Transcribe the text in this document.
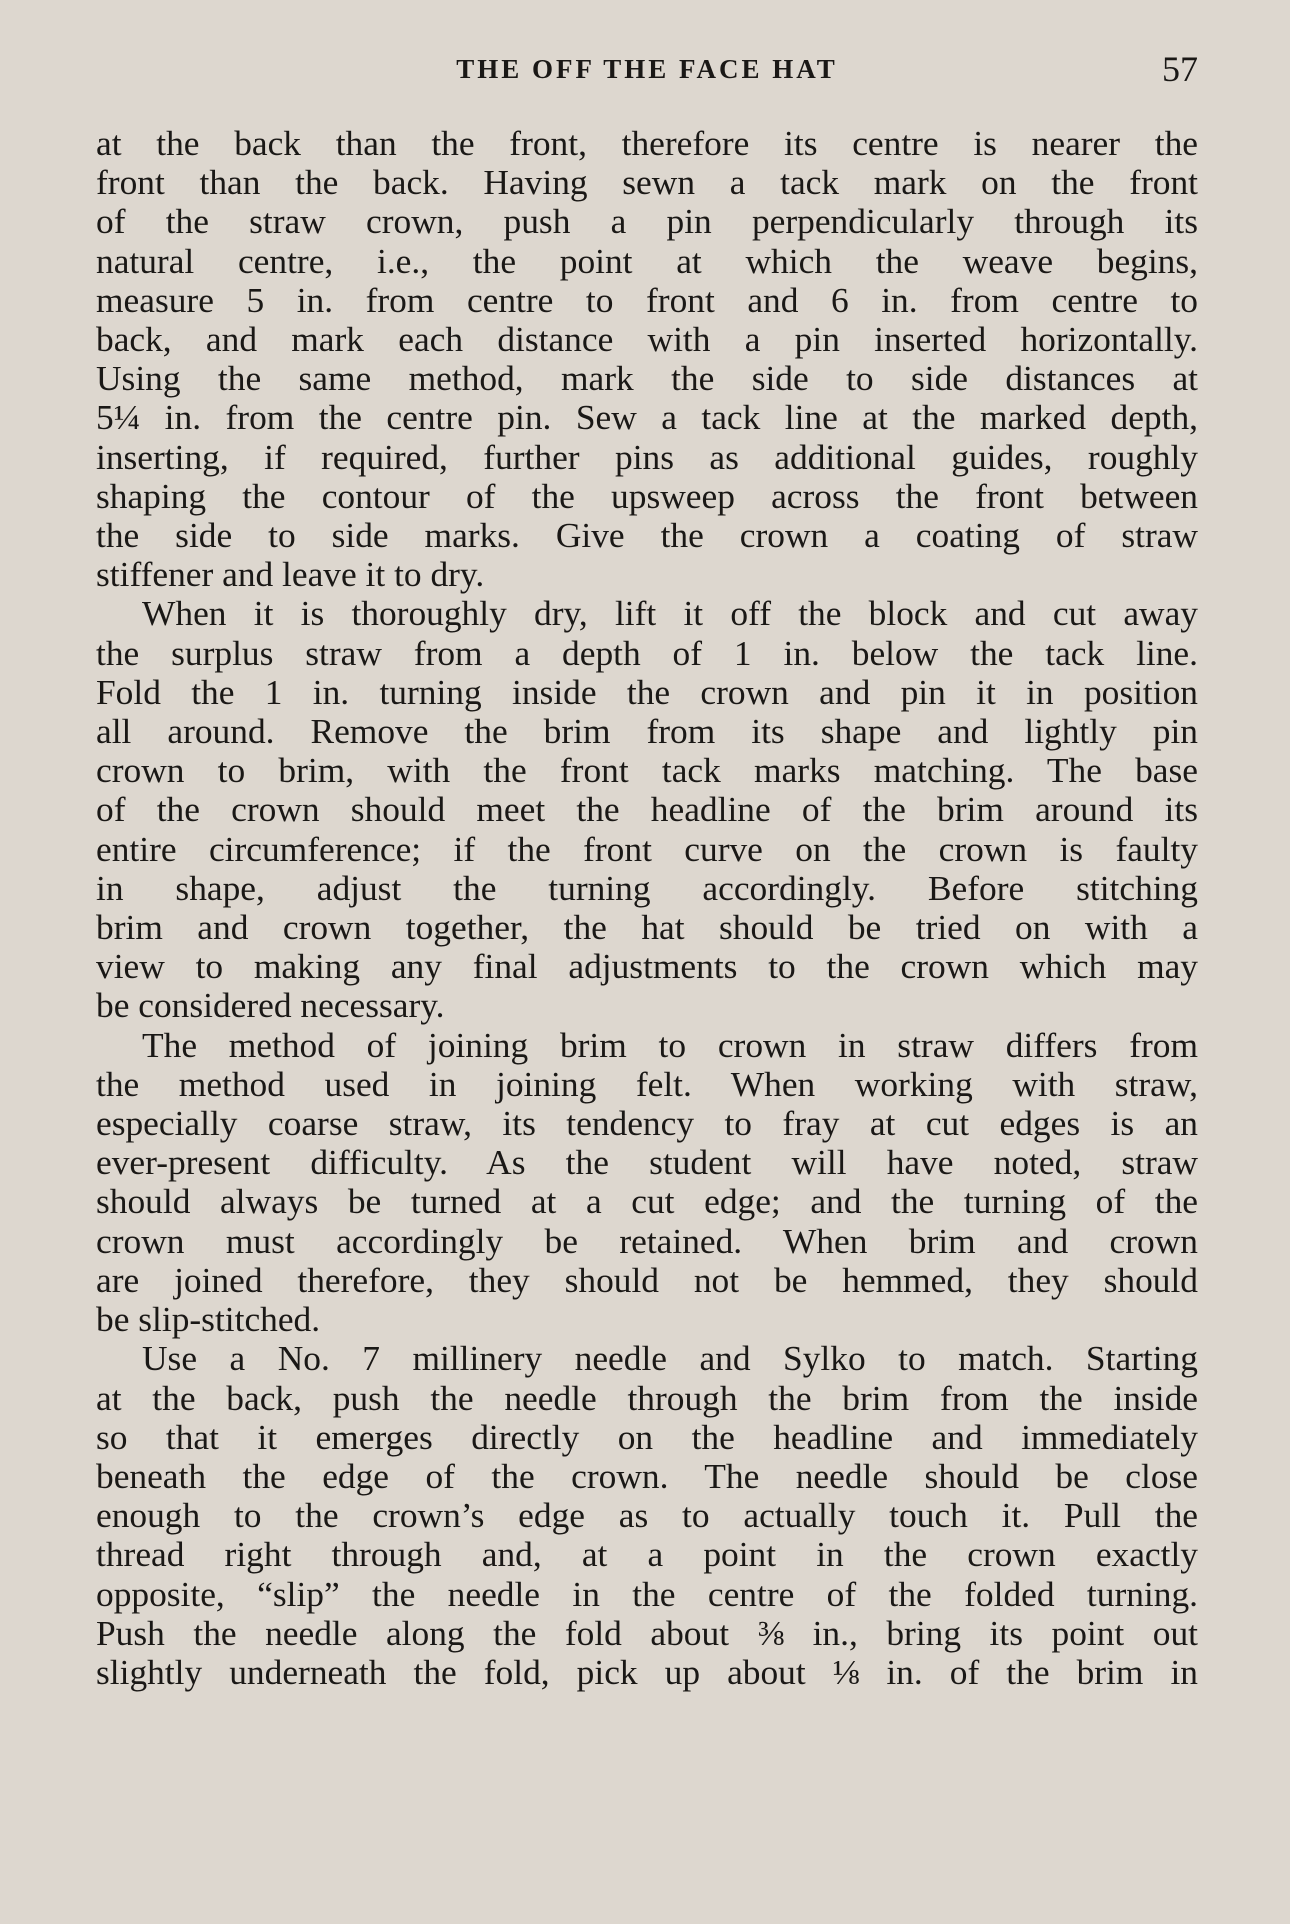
THE OFF THE FACE HAT	57
at the back than the front, therefore its centre is nearer the
front than the back. Having sewn a tack mark on the front
of the straw crown, push a pin perpendicularly through its
natural centre, i.e., the point at which the weave begins,
measure 5 in. from centre to front and 6 in. from centre to
back, and mark each distance with a pin inserted horizontally.
Using the same method, mark the side to side distances at
5¼ in. from the centre pin. Sew a tack line at the marked depth,
inserting, if required, further pins as additional guides, roughly
shaping the contour of the upsweep across the front between
the side to side marks. Give the crown a coating of straw
stiffener and leave it to dry.
When it is thoroughly dry, lift it off the block and cut away
the surplus straw from a depth of 1 in. below the tack line.
Fold the 1 in. turning inside the crown and pin it in position
all around. Remove the brim from its shape and lightly pin
crown to brim, with the front tack marks matching. The base
of the crown should meet the headline of the brim around its
entire circumference; if the front curve on the crown is faulty
in shape, adjust the turning accordingly. Before stitching
brim and crown together, the hat should be tried on with a
view to making any final adjustments to the crown which may
be considered necessary.
The method of joining brim to crown in straw differs from
the method used in joining felt. When working with straw,
especially coarse straw, its tendency to fray at cut edges is an
ever-present difficulty. As the student will have noted, straw
should always be turned at a cut edge; and the turning of the
crown must accordingly be retained. When brim and crown
are joined therefore, they should not be hemmed, they should
be slip-stitched.
Use a No. 7 millinery needle and Sylko to match. Starting
at the back, push the needle through the brim from the inside
so that it emerges directly on the headline and immediately
beneath the edge of the crown. The needle should be close
enough to the crown’s edge as to actually touch it. Pull the
thread right through and, at a point in the crown exactly
opposite, “slip” the needle in the centre of the folded turning.
Push the needle along the fold about ⅜ in., bring its point out
slightly underneath the fold, pick up about ⅛ in. of the brim in
